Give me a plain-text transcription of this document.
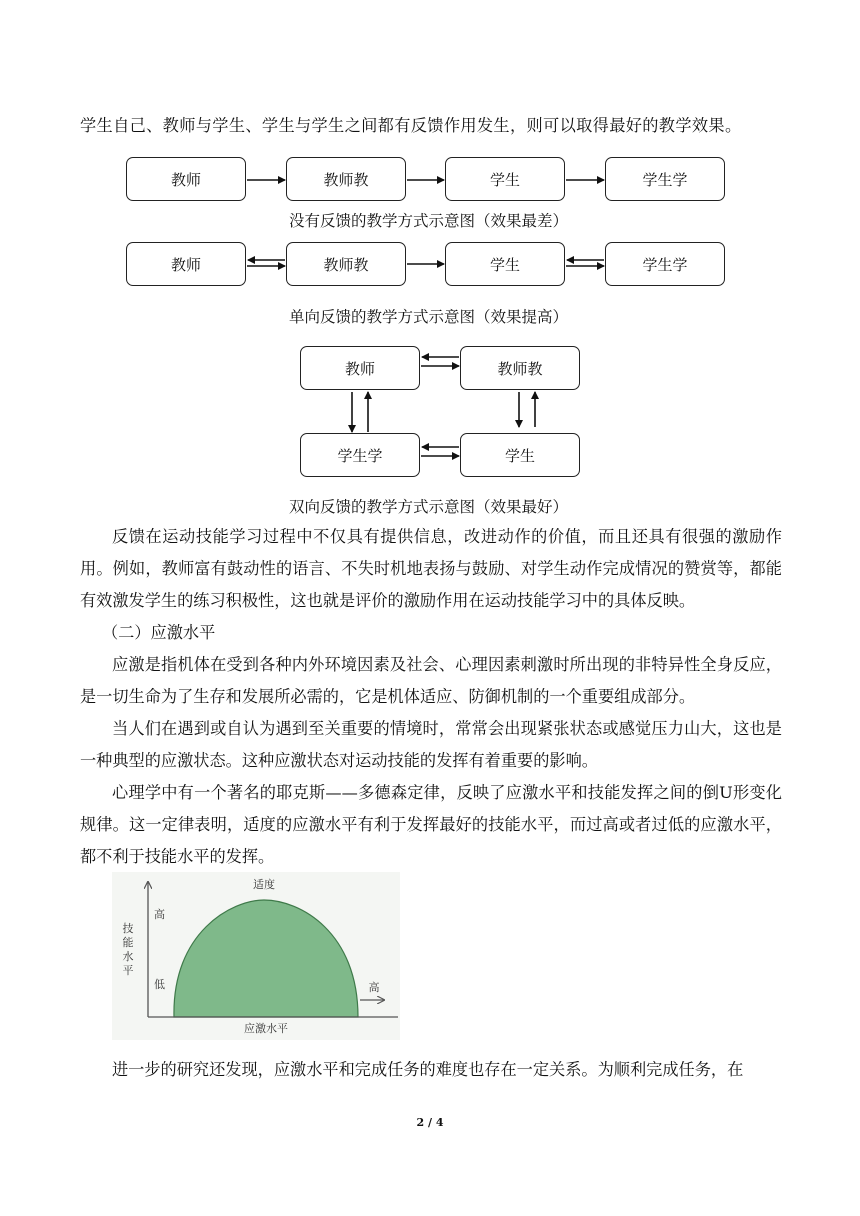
学生自己、教师与学生、学生与学生之间都有反馈作用发生，则可以取得最好的教学效果。
教师	教师教	学生	学生学
没有反馈的教学方式示意图（效果最差）
教师	教师教	学生	学生学
单向反馈的教学方式示意图（效果提高）
教师	教师教
学生学	学生
双向反馈的教学方式示意图（效果最好）
反馈在运动技能学习过程中不仅具有提供信息，改进动作的价值，而且还具有很强的激励作用。例如，教师富有鼓动性的语言、不失时机地表扬与鼓励、对学生动作完成情况的赞赏等，都能有效激发学生的练习积极性，这也就是评价的激励作用在运动技能学习中的具体反映。
（二）应激水平
应激是指机体在受到各种内外环境因素及社会、心理因素刺激时所出现的非特异性全身反应，是一切生命为了生存和发展所必需的，它是机体适应、防御机制的一个重要组成部分。
当人们在遇到或自认为遇到至关重要的情境时，常常会出现紧张状态或感觉压力山大，这也是一种典型的应激状态。这种应激状态对运动技能的发挥有着重要的影响。
心理学中有一个著名的耶克斯——多德森定律，反映了应激水平和技能发挥之间的倒U形变化规律。这一定律表明，适度的应激水平有利于发挥最好的技能水平，而过高或者过低的应激水平，都不利于技能水平的发挥。
适度
高
低	高
应激水平
技
能
水
平
进一步的研究还发现，应激水平和完成任务的难度也存在一定关系。为顺利完成任务，在
2 / 4
